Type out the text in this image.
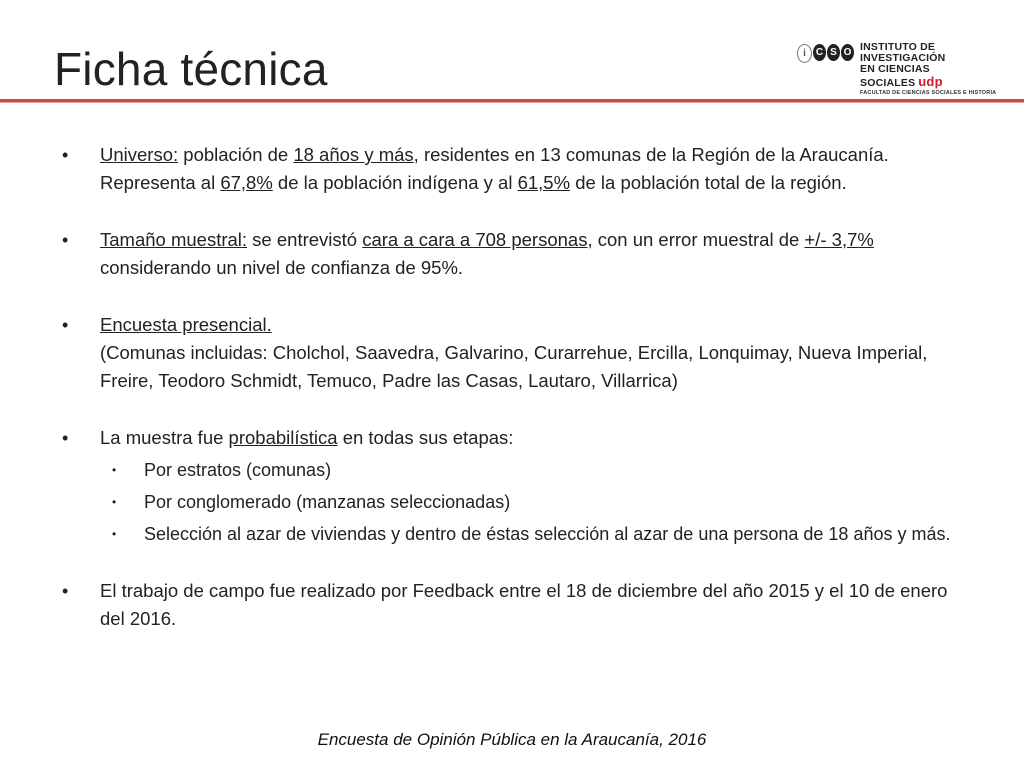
Ficha técnica	i C S O INSTITUTO DE INVESTIGACIÓN
EN CIENCIAS SOCIALES udp
FACULTAD DE CIENCIAS SOCIALES E HISTORIA
• Universo: población de 18 años y más, residentes en 13 comunas de la Región de la Araucanía. Representa al 67,8% de la población indígena y al 61,5% de la población total de la región.
• Tamaño muestral: se entrevistó cara a cara a 708 personas, con un error muestral de +/- 3,7% considerando un nivel de confianza de 95%.
• Encuesta presencial.
(Comunas incluidas: Cholchol, Saavedra, Galvarino, Curarrehue, Ercilla, Lonquimay, Nueva Imperial, Freire, Teodoro Schmidt, Temuco, Padre las Casas, Lautaro, Villarrica)
• La muestra fue probabilística en todas sus etapas:
• Por estratos (comunas)
• Por conglomerado (manzanas seleccionadas)
• Selección al azar de viviendas y dentro de éstas selección al azar de una persona de 18 años y más.
• El trabajo de campo fue realizado por Feedback entre el 18 de diciembre del año 2015 y el 10 de enero del 2016.
Encuesta de Opinión Pública en la Araucanía, 2016
